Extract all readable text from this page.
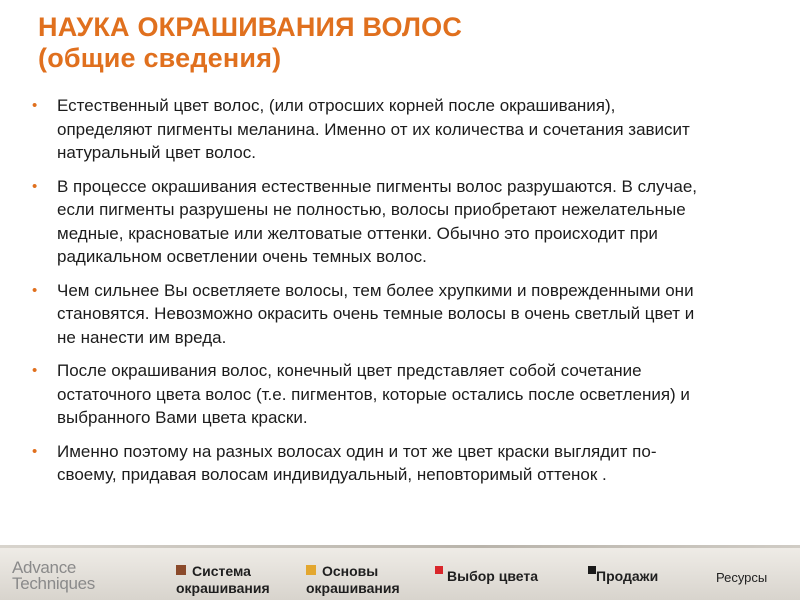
НАУКА ОКРАШИВАНИЯ ВОЛОС
(общие сведения)
• Естественный цвет волос, (или отросших корней после окрашивания), определяют пигменты меланина. Именно от их количества и сочетания зависит натуральный цвет волос.
• В процессе окрашивания естественные пигменты волос разрушаются. В случае, если пигменты разрушены не полностью, волосы приобретают нежелательные медные, красноватые или желтоватые оттенки. Обычно это происходит при радикальном осветлении очень темных волос.
• Чем сильнее Вы осветляете волосы, тем более хрупкими и поврежденными они становятся. Невозможно окрасить очень темные волосы в очень светлый цвет и не нанести им вреда.
• После окрашивания волос, конечный цвет представляет собой сочетание остаточного цвета волос (т.е. пигментов, которые остались после осветления) и выбранного Вами цвета краски.
• Именно поэтому на разных волосах один и тот же цвет краски выглядит по-своему, придавая волосам индивидуальный, неповторимый оттенок .
Advance
Techniques
Система
окрашивания
Основы
окрашивания
Выбор цвета	Продажи	Ресурсы
